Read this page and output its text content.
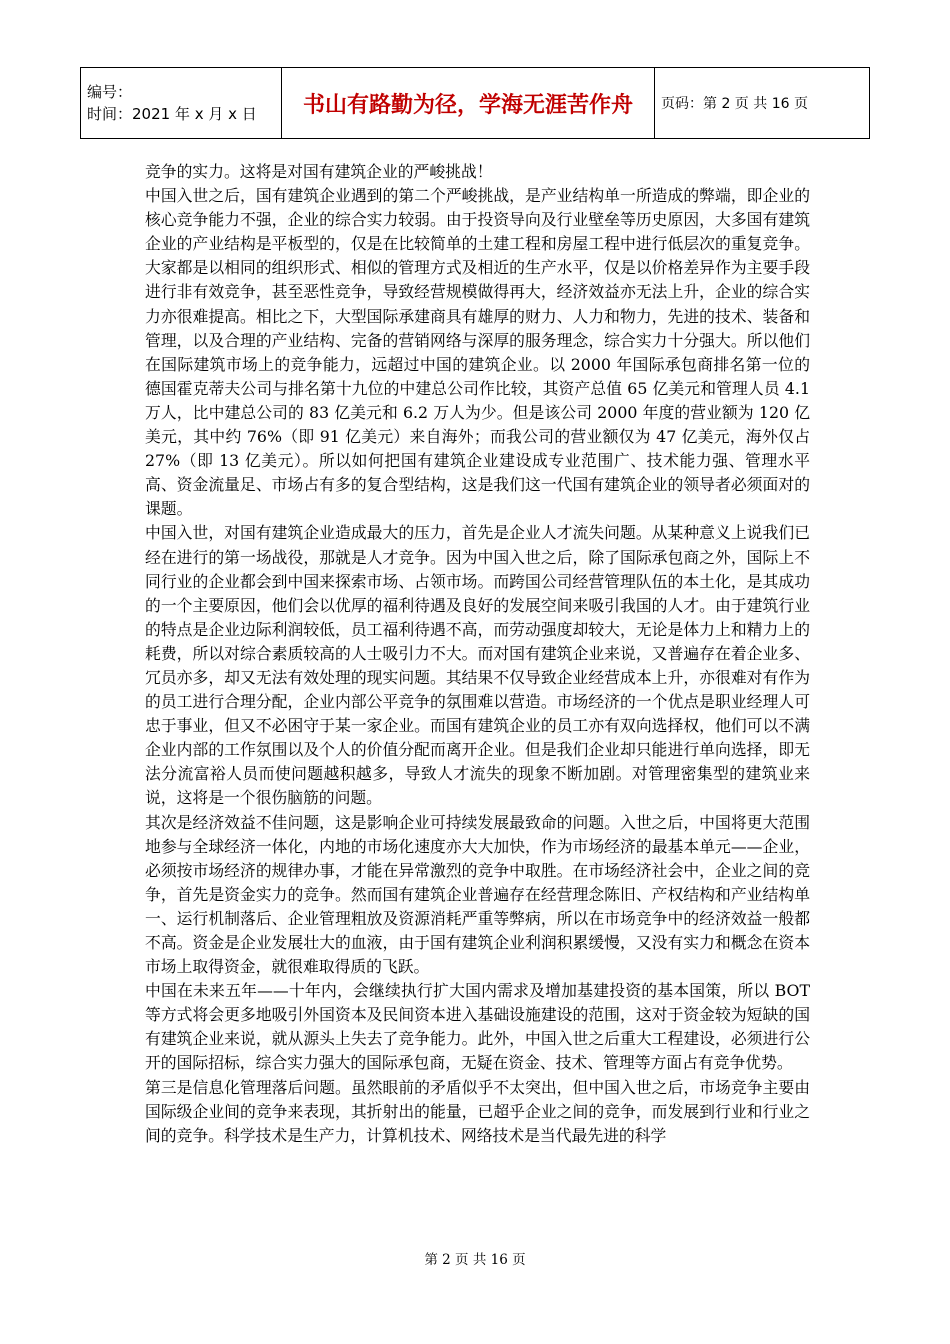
编号：
时间：2021 年 x 月 x 日	书山有路勤为径，学海无涯苦作舟	页码：第 2 页 共 16 页

竞争的实力。这将是对国有建筑企业的严峻挑战！

中国入世之后，国有建筑企业遇到的第二个严峻挑战，是产业结构单一所造成的弊端，即企业的核心竞争能力不强，企业的综合实力较弱。由于投资导向及行业壁垒等历史原因，大多国有建筑企业的产业结构是平板型的，仅是在比较简单的土建工程和房屋工程中进行低层次的重复竞争。大家都是以相同的组织形式、相似的管理方式及相近的生产水平，仅是以价格差异作为主要手段进行非有效竞争，甚至恶性竞争，导致经营规模做得再大，经济效益亦无法上升，企业的综合实力亦很难提高。相比之下，大型国际承建商具有雄厚的财力、人力和物力，先进的技术、装备和管理，以及合理的产业结构、完备的营销网络与深厚的服务理念，综合实力十分强大。所以他们在国际建筑市场上的竞争能力，远超过中国的建筑企业。以 2000 年国际承包商排名第一位的德国霍克蒂夫公司与排名第十九位的中建总公司作比较，其资产总值 65 亿美元和管理人员 4.1 万人，比中建总公司的 83 亿美元和 6.2 万人为少。但是该公司 2000 年度的营业额为 120 亿美元，其中约 76%（即 91 亿美元）来自海外；而我公司的营业额仅为 47 亿美元，海外仅占 27%（即 13 亿美元）。所以如何把国有建筑企业建设成专业范围广、技术能力强、管理水平高、资金流量足、市场占有多的复合型结构，这是我们这一代国有建筑企业的领导者必须面对的课题。

中国入世，对国有建筑企业造成最大的压力，首先是企业人才流失问题。从某种意义上说我们已经在进行的第一场战役，那就是人才竞争。因为中国入世之后，除了国际承包商之外，国际上不同行业的企业都会到中国来探索市场、占领市场。而跨国公司经营管理队伍的本土化，是其成功的一个主要原因，他们会以优厚的福利待遇及良好的发展空间来吸引我国的人才。由于建筑行业的特点是企业边际利润较低，员工福利待遇不高，而劳动强度却较大，无论是体力上和精力上的耗费，所以对综合素质较高的人士吸引力不大。而对国有建筑企业来说，又普遍存在着企业多、冗员亦多，却又无法有效处理的现实问题。其结果不仅导致企业经营成本上升，亦很难对有作为的员工进行合理分配，企业内部公平竞争的氛围难以营造。市场经济的一个优点是职业经理人可忠于事业，但又不必困守于某一家企业。而国有建筑企业的员工亦有双向选择权，他们可以不满企业内部的工作氛围以及个人的价值分配而离开企业。但是我们企业却只能进行单向选择，即无法分流富裕人员而使问题越积越多，导致人才流失的现象不断加剧。对管理密集型的建筑业来说，这将是一个很伤脑筋的问题。

其次是经济效益不佳问题，这是影响企业可持续发展最致命的问题。入世之后，中国将更大范围地参与全球经济一体化，内地的市场化速度亦大大加快，作为市场经济的最基本单元——企业，必须按市场经济的规律办事，才能在异常激烈的竞争中取胜。在市场经济社会中，企业之间的竞争，首先是资金实力的竞争。然而国有建筑企业普遍存在经营理念陈旧、产权结构和产业结构单一、运行机制落后、企业管理粗放及资源消耗严重等弊病，所以在市场竞争中的经济效益一般都不高。资金是企业发展壮大的血液，由于国有建筑企业利润积累缓慢，又没有实力和概念在资本市场上取得资金，就很难取得质的飞跃。

中国在未来五年——十年内，会继续执行扩大国内需求及增加基建投资的基本国策，所以 BOT 等方式将会更多地吸引外国资本及民间资本进入基础设施建设的范围，这对于资金较为短缺的国有建筑企业来说，就从源头上失去了竞争能力。此外，中国入世之后重大工程建设，必须进行公开的国际招标，综合实力强大的国际承包商，无疑在资金、技术、管理等方面占有竞争优势。

第三是信息化管理落后问题。虽然眼前的矛盾似乎不太突出，但中国入世之后，市场竞争主要由国际级企业间的竞争来表现，其折射出的能量，已超乎企业之间的竞争，而发展到行业和行业之间的竞争。科学技术是生产力，计算机技术、网络技术是当代最先进的科学

第 2 页 共 16 页
